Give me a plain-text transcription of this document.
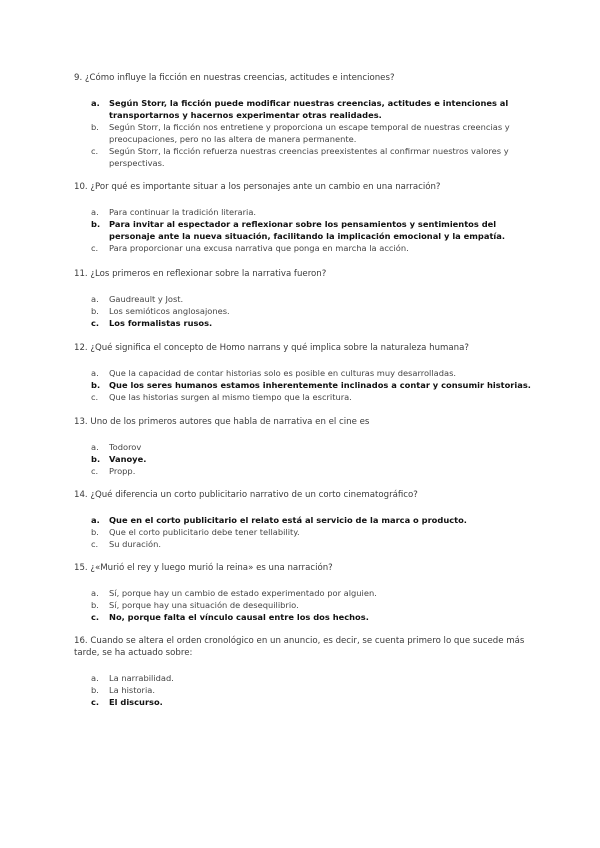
9. ¿Cómo influye la ficción en nuestras creencias, actitudes e intenciones?

a. Según Storr, la ficción puede modificar nuestras creencias, actitudes e intenciones al transportarnos y hacernos experimentar otras realidades.
b. Según Storr, la ficción nos entretiene y proporciona un escape temporal de nuestras creencias y preocupaciones, pero no las altera de manera permanente.
c. Según Storr, la ficción refuerza nuestras creencias preexistentes al confirmar nuestros valores y perspectivas.

10. ¿Por qué es importante situar a los personajes ante un cambio en una narración?

a. Para continuar la tradición literaria.
b. Para invitar al espectador a reflexionar sobre los pensamientos y sentimientos del personaje ante la nueva situación, facilitando la implicación emocional y la empatía.
c. Para proporcionar una excusa narrativa que ponga en marcha la acción.

11. ¿Los primeros en reflexionar sobre la narrativa fueron?

a. Gaudreault y Jost.
b. Los semióticos anglosajones.
c. Los formalistas rusos.

12. ¿Qué significa el concepto de Homo narrans y qué implica sobre la naturaleza humana?

a. Que la capacidad de contar historias solo es posible en culturas muy desarrolladas.
b. Que los seres humanos estamos inherentemente inclinados a contar y consumir historias.
c. Que las historias surgen al mismo tiempo que la escritura.

13. Uno de los primeros autores que habla de narrativa en el cine es

a. Todorov
b. Vanoye.
c. Propp.

14. ¿Qué diferencia un corto publicitario narrativo de un corto cinematográfico?

a. Que en el corto publicitario el relato está al servicio de la marca o producto.
b. Que el corto publicitario debe tener tellability.
c. Su duración.

15. ¿«Murió el rey y luego murió la reina» es una narración?

a. Sí, porque hay un cambio de estado experimentado por alguien.
b. Sí, porque hay una situación de desequilibrio.
c. No, porque falta el vínculo causal entre los dos hechos.

16. Cuando se altera el orden cronológico en un anuncio, es decir, se cuenta primero lo que sucede más tarde, se ha actuado sobre:

a. La narrabilidad.
b. La historia.
c. El discurso.
